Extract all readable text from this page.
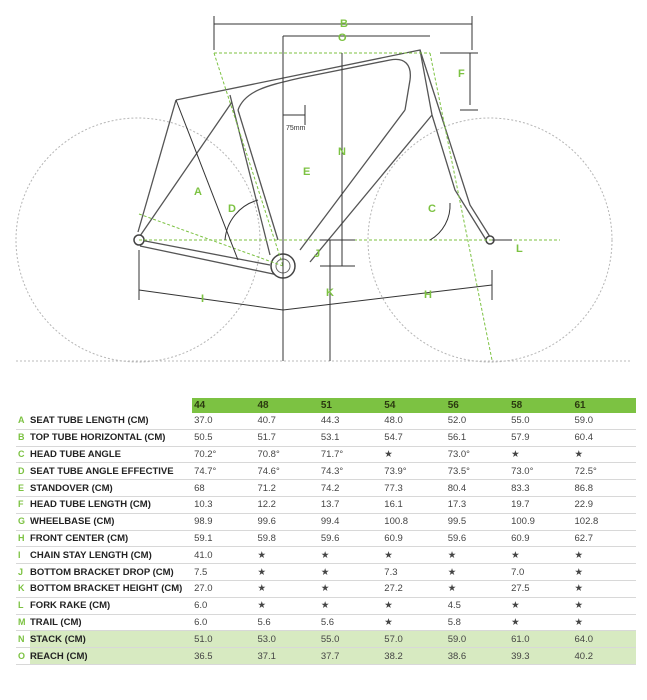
B
O
F
N
E
A
D	C
J
K
I	H
L
75mm
		44	48	51	54	56	58	61
A	SEAT TUBE LENGTH (CM)	37.0	40.7	44.3	48.0	52.0	55.0	59.0
B	TOP TUBE HORIZONTAL (CM)	50.5	51.7	53.1	54.7	56.1	57.9	60.4
C	HEAD TUBE ANGLE	70.2°	70.8°	71.7°	★	73.0°	★	★
D	SEAT TUBE ANGLE EFFECTIVE	74.7°	74.6°	74.3°	73.9°	73.5°	73.0°	72.5°
E	STANDOVER (CM)	68	71.2	74.2	77.3	80.4	83.3	86.8
F	HEAD TUBE LENGTH (CM)	10.3	12.2	13.7	16.1	17.3	19.7	22.9
G	WHEELBASE (CM)	98.9	99.6	99.4	100.8	99.5	100.9	102.8
H	FRONT CENTER (CM)	59.1	59.8	59.6	60.9	59.6	60.9	62.7
I	CHAIN STAY LENGTH (CM)	41.0	★	★	★	★	★	★
J	BOTTOM BRACKET DROP (CM)	7.5	★	★	7.3	★	7.0	★
K	BOTTOM BRACKET HEIGHT (CM)	27.0	★	★	27.2	★	27.5	★
L	FORK RAKE (CM)	6.0	★	★	★	4.5	★	★
M	TRAIL (CM)	6.0	5.6	5.6	★	5.8	★	★
N	STACK (CM)	51.0	53.0	55.0	57.0	59.0	61.0	64.0
O	REACH (CM)	36.5	37.1	37.7	38.2	38.6	39.3	40.2
